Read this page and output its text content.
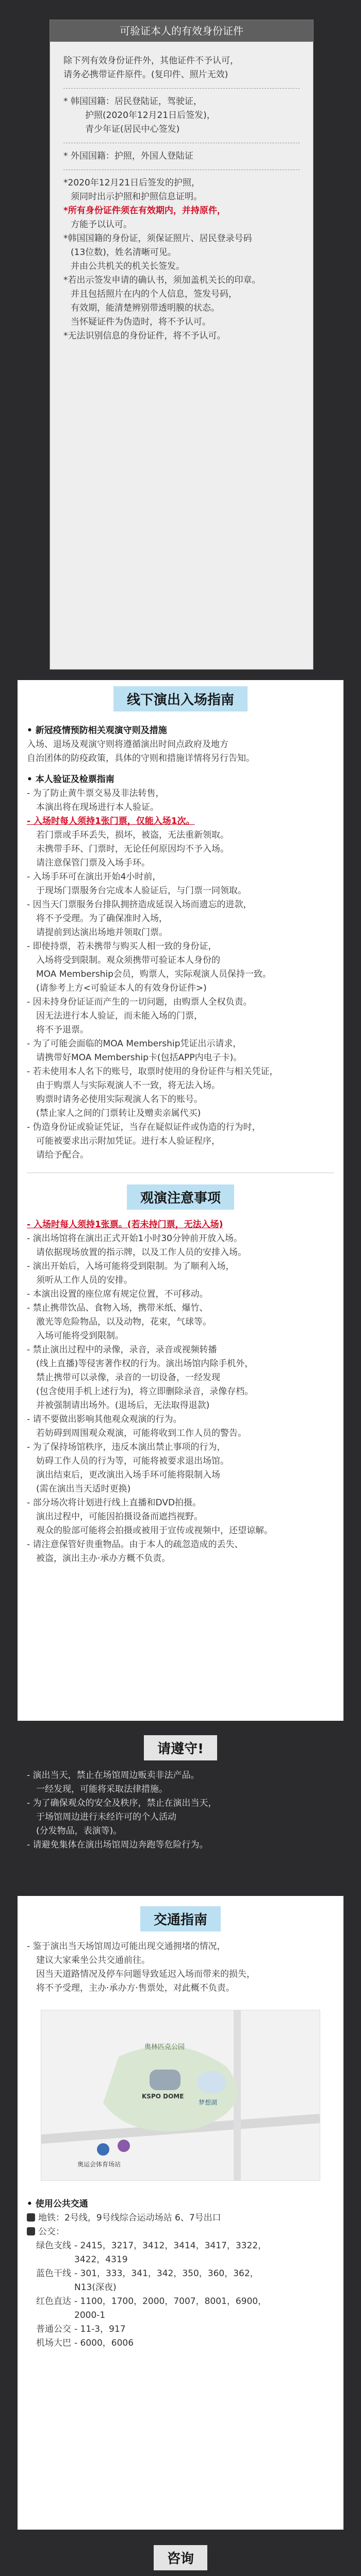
可验证本人的有效身份证件

除下列有效身份证件外，其他证件不予认可，

请务必携带证件原件。(复印件、照片无效)

* 韩国国籍：居民登陆证，驾驶证，

护照(2020年12月21日后签发)，

青少年证(居民中心签发)

* 外国国籍：护照，外国人登陆证

*2020年12月21日后签发的护照，

须同时出示护照和护照信息证明。

*所有身份证件须在有效期内，并持原件，

方能予以认可。

*韩国国籍的身份证，须保证照片、居民登录号码

(13位数)，姓名清晰可见。

并由公共机关的机关长签发。

*若出示签发申请的确认书，须加盖机关长的印章。

并且包括照片在内的个人信息，签发号码，

有效期，能清楚辨别带透明膜的状态。

当怀疑证件为伪造时，将不予认可。

*无法识别信息的身份证件，将不予认可。

线下演出入场指南

• 新冠疫情预防相关观演守则及措施

入场、退场及观演守则将遵循演出时间点政府及地方

自治团体的防疫政策，具体的守则和措施详情将另行告知。

• 本人验证及检票指南

- 为了防止黄牛票交易及非法转售，

本演出将在现场进行本人验证。

- 入场时每人须持1张门票，仅能入场1次。

若门票或手环丢失，损坏，被盗，无法重新领取。

未携带手环、门票时，无论任何原因均不予入场。

请注意保管门票及入场手环。

- 入场手环可在演出开始4小时前，

于现场门票服务台完成本人验证后，与门票一同领取。

- 因当天门票服务台排队拥挤造成延误入场而遗忘的进款，

将不予受理。为了确保准时入场，

请提前到达演出场地并领取门票。

- 即使持票，若未携带与购买人相一致的身份证，

入场将受到限制。观众须携带可验证本人身份的

MOA Membership会员，购票人，实际观演人员保持一致。

(请参考上方<可验证本人的有效身份证件>)

- 因未持身份证证而产生的一切问题，由购票人全权负责。

因无法进行本人验证，而未能入场的门票，

将不予退票。

- 为了可能会面临的MOA Membership凭证出示请求，

请携带好MOA Membership卡(包括APP内电子卡)。

- 若未使用本人名下的账号，取票时使用的身份证件与相关凭证，

由于购票人与实际观演人不一致，将无法入场。

购票时请务必使用实际观演人名下的账号。

(禁止家人之间的门票转让及赠卖亲属代买)

- 伪造身份证或验证凭证，当存在疑似证件或伪造的行为时，

可能被要求出示附加凭证。进行本人验证程序，

请给予配合。

观演注意事项

- 入场时每人须持1张票。(若未持门票，无法入场)

- 演出场馆将在演出正式开始1小时30分钟前开放入场。

请依据现场放置的指示牌，以及工作人员的安排入场。

- 演出开始后，入场可能将受到限制。为了顺利入场，

须听从工作人员的安排。

- 本演出设置的座位席有规定位置，不可移动。

- 禁止携带饮品、食物入场，携带米纸、爆竹、

激光等危险物品，以及动物，花束，气球等。

入场可能将受到限制。

- 禁止演出过程中的录像，录音，录音或视频转播

(线上直播)等侵害著作权的行为。演出场馆内除手机外，

禁止携带可以录像，录音的一切设备，一经发现

(包含使用手机上述行为)，将立即删除录音，录像存档。

并被强制请出场外。(退场后，无法取得退款)

- 请不要做出影响其他观众观演的行为。

若妨碍到周围观众观演，可能将收到工作人员的警告。

- 为了保持场馆秩序，违反本演出禁止事项的行为，

妨碍工作人员的行为等，可能将被要求退出场馆。

演出结束后，更改演出入场手环可能将限制入场

(需在演出当天适时更换)

- 部分场次将计划进行线上直播和DVD拍摄。

演出过程中，可能因拍摄设备而遮挡视野。

观众的脸部可能将会拍摄或被用于宣传或视频中，还望谅解。

- 请注意保管好贵重物品。由于本人的疏忽造成的丢失、

被盗，演出主办·承办方概不负责。

请遵守!

- 演出当天，禁止在场馆周边贩卖非法产品。

一经发现，可能将采取法律措施。

- 为了确保观众的安全及秩序，禁止在演出当天，

于场馆周边进行未经许可的个人活动

(分发物品，表演等)。

- 请避免集体在演出场馆周边奔跑等危险行为。

交通指南

- 鉴于演出当天场馆周边可能出现交通拥堵的情况，

建议大家乘坐公共交通前往。

因当天道路情况及停车问题导致延迟入场而带来的损失，

将不予受理，主办·承办方·售票处，对此概不负责。

奥林匹克公园
KSPO DOME
奥运会体育场站
梦想湖

• 使用公共交通

地铁：2号线，9号线综合运动场站 6、7号出口

公交：

绿色支线 - 2415，3217，3412，3414，3417，3322，

3422，4319

蓝色干线 - 301，333，341，342，350，360，362，

N13(深夜)

红色直达 - 1100，1700，2000，7007，8001，6900，

2000-1

普通公交 - 11-3，917

机场大巴 - 6000，6006

咨询
